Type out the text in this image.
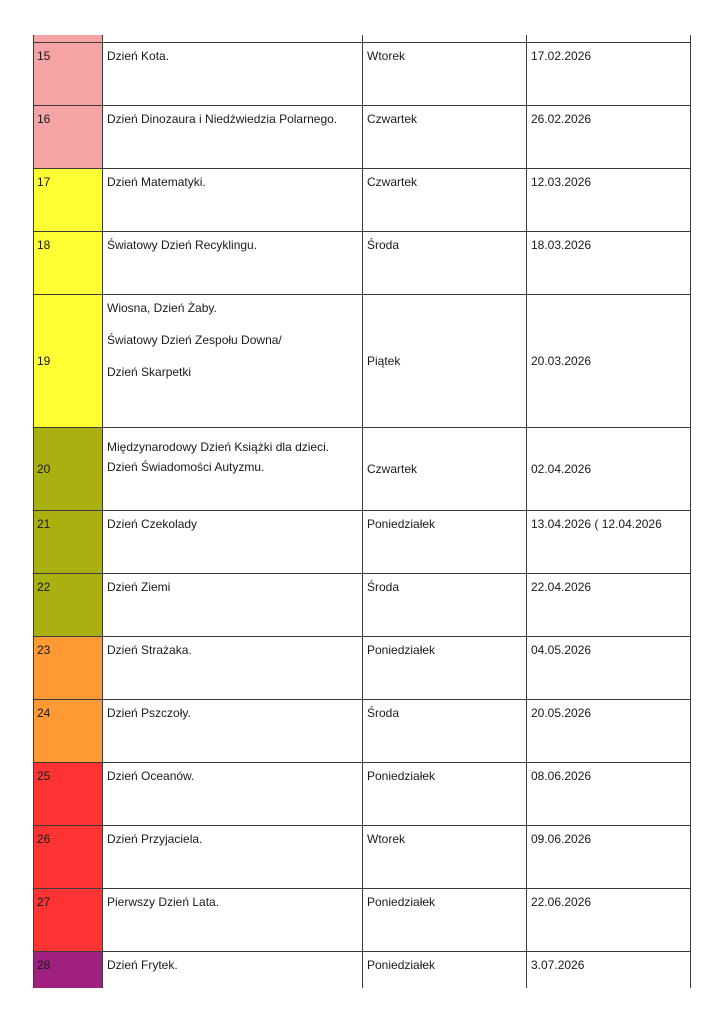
15	Dzień Kota.	Wtorek	17.02.2026
16	Dzień Dinozaura i Niedźwiedzia Polarnego.	Czwartek	26.02.2026
17	Dzień Matematyki.	Czwartek	12.03.2026
18	Światowy Dzień Recyklingu.	Środa	18.03.2026
19	Wiosna, Dzień Żaby.
Światowy Dzień Zespołu Downa/
Dzień Skarpetki	Piątek	20.03.2026
20	Międzynarodowy Dzień Książki dla dzieci.
Dzień Świadomości Autyzmu.	Czwartek	02.04.2026
21	Dzień Czekolady	Poniedziałek	13.04.2026 ( 12.04.2026
22	Dzień Ziemi	Środa	22.04.2026
23	Dzień Strażaka.	Poniedziałek	04.05.2026
24	Dzień Pszczoły.	Środa	20.05.2026
25	Dzień Oceanów.	Poniedziałek	08.06.2026
26	Dzień Przyjaciela.	Wtorek	09.06.2026
27	Pierwszy Dzień Lata.	Poniedziałek	22.06.2026
28	Dzień Frytek.	Poniedziałek	3.07.2026
